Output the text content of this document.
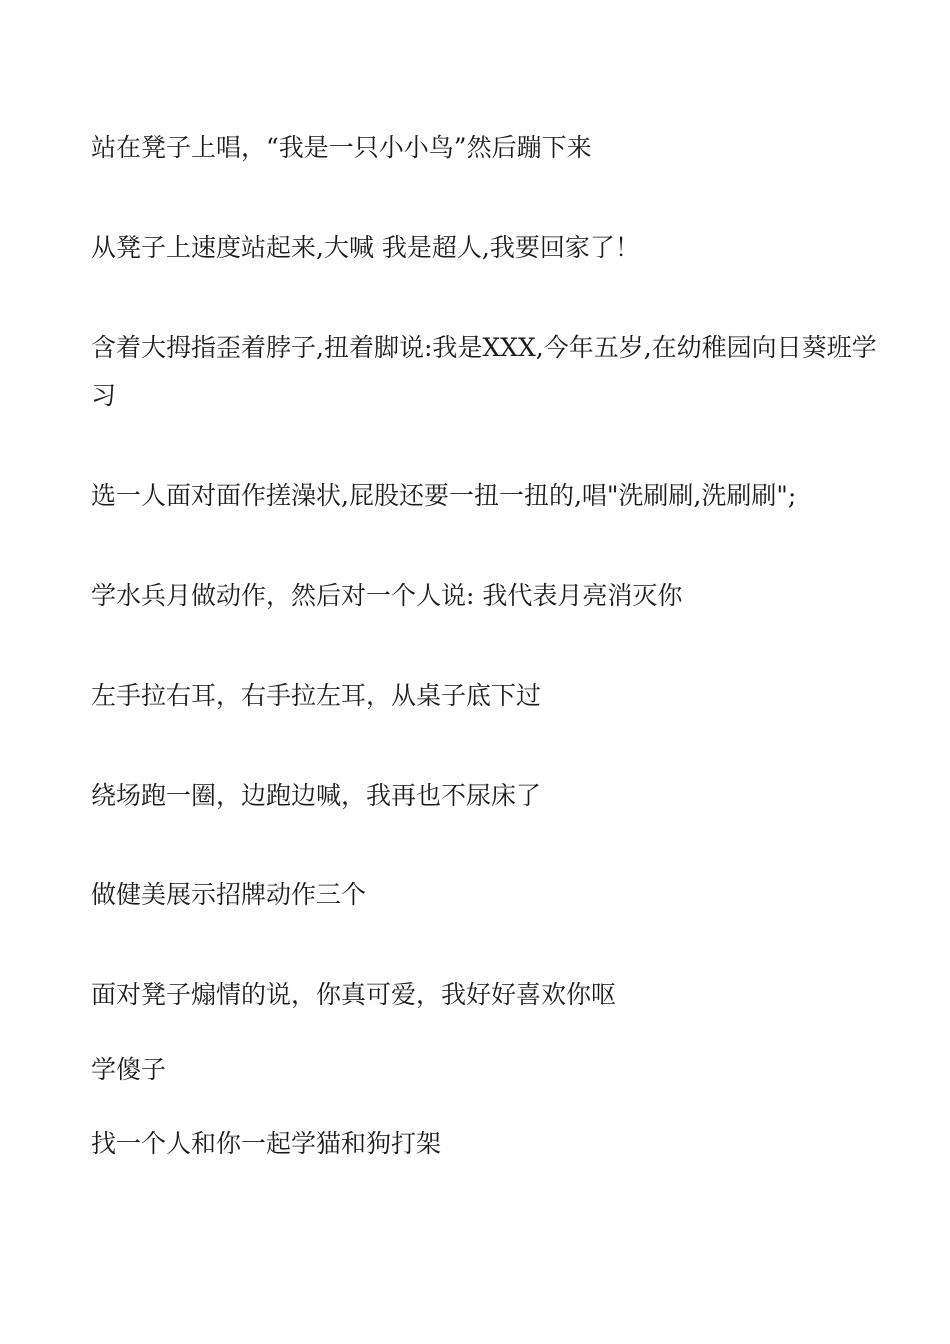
站在凳子上唱，“我是一只小小鸟”然后蹦下来
从凳子上速度站起来,大喊 我是超人,我要回家了！
含着大拇指歪着脖子,扭着脚说:我是XXX,今年五岁,在幼稚园向日葵班学习
选一人面对面作搓澡状,屁股还要一扭一扭的,唱"洗刷刷,洗刷刷";
学水兵月做动作，然后对一个人说: 我代表月亮消灭你
左手拉右耳，右手拉左耳，从桌子底下过
绕场跑一圈，边跑边喊，我再也不尿床了
做健美展示招牌动作三个
面对凳子煽情的说，你真可爱，我好好喜欢你呕
学傻子
找一个人和你一起学猫和狗打架
